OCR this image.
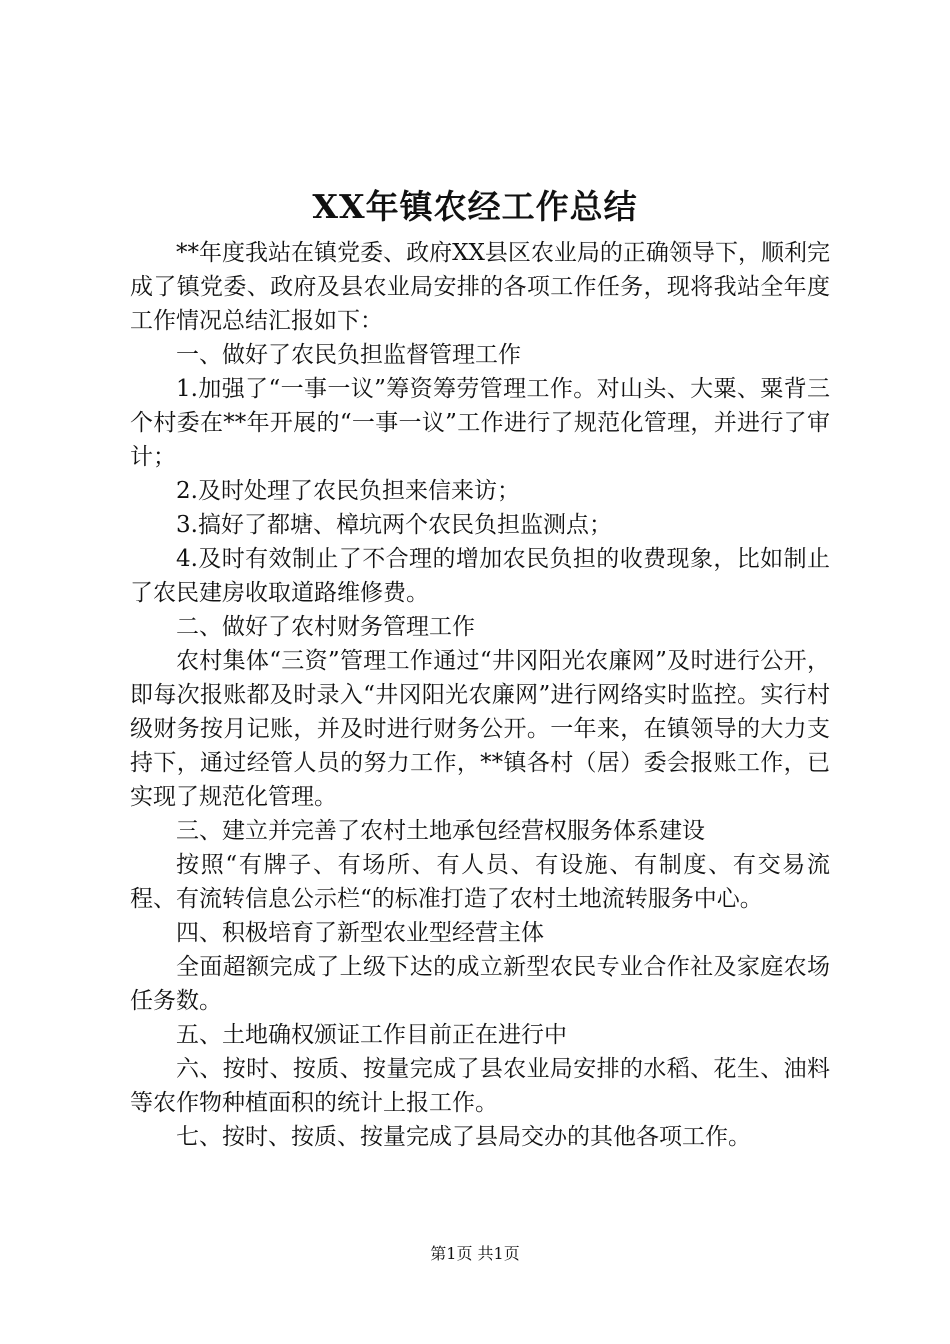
XX年镇农经工作总结

**年度我站在镇党委、政府XX县区农业局的正确领导下，顺利完成了镇党委、政府及县农业局安排的各项工作任务，现将我站全年度工作情况总结汇报如下：

一、做好了农民负担监督管理工作

1.加强了“一事一议”筹资筹劳管理工作。对山头、大粟、粟背三个村委在**年开展的“一事一议”工作进行了规范化管理，并进行了审计；

2.及时处理了农民负担来信来访；

3.搞好了都塘、樟坑两个农民负担监测点；

4.及时有效制止了不合理的增加农民负担的收费现象，比如制止了农民建房收取道路维修费。

二、做好了农村财务管理工作

农村集体“三资”管理工作通过“井冈阳光农廉网”及时进行公开，即每次报账都及时录入“井冈阳光农廉网”进行网络实时监控。实行村级财务按月记账，并及时进行财务公开。一年来，在镇领导的大力支持下，通过经管人员的努力工作，**镇各村（居）委会报账工作，已实现了规范化管理。

三、建立并完善了农村土地承包经营权服务体系建设

按照“有牌子、有场所、有人员、有设施、有制度、有交易流程、有流转信息公示栏“的标准打造了农村土地流转服务中心。

四、积极培育了新型农业型经营主体

全面超额完成了上级下达的成立新型农民专业合作社及家庭农场任务数。

五、土地确权颁证工作目前正在进行中

六、按时、按质、按量完成了县农业局安排的水稻、花生、油料等农作物种植面积的统计上报工作。

七、按时、按质、按量完成了县局交办的其他各项工作。

第1页 共1页
